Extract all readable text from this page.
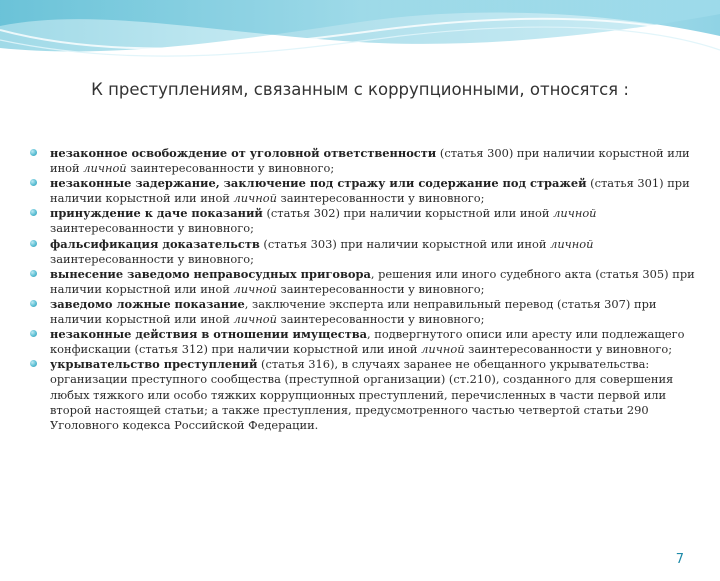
К преступлениям, связанным с коррупционными, относятся :
незаконное освобождение от уголовной ответственности (статья 300) при наличии корыстной или иной личной заинтересованности у виновного;
незаконные задержание, заключение под стражу или содержание под стражей (статья 301) при наличии корыстной или иной личной заинтересованности у виновного;
принуждение к даче показаний (статья 302) при наличии корыстной или иной личной заинтересованности у виновного;
фальсификация доказательств (статья 303) при наличии корыстной или иной личной заинтересованности у виновного;
вынесение заведомо неправосудных приговора, решения или иного судебного акта (статья 305) при наличии корыстной или иной личной заинтересованности у виновного;
заведомо ложные показание, заключение эксперта или неправильный перевод (статья 307) при наличии корыстной или иной личной заинтересованности у виновного;
незаконные действия в отношении имущества, подвергнутого описи или аресту или подлежащего конфискации (статья 312) при наличии корыстной или иной личной заинтересованности у виновного;
укрывательство преступлений (статья 316), в случаях заранее не обещанного укрывательства: организации преступного сообщества (преступной организации) (ст.210), созданного для совершения любых тяжкого или особо тяжких коррупционных преступлений, перечисленных в части первой или второй настоящей статьи; а также преступления, предусмотренного частью четвертой статьи 290 Уголовного кодекса Российской Федерации.
7
